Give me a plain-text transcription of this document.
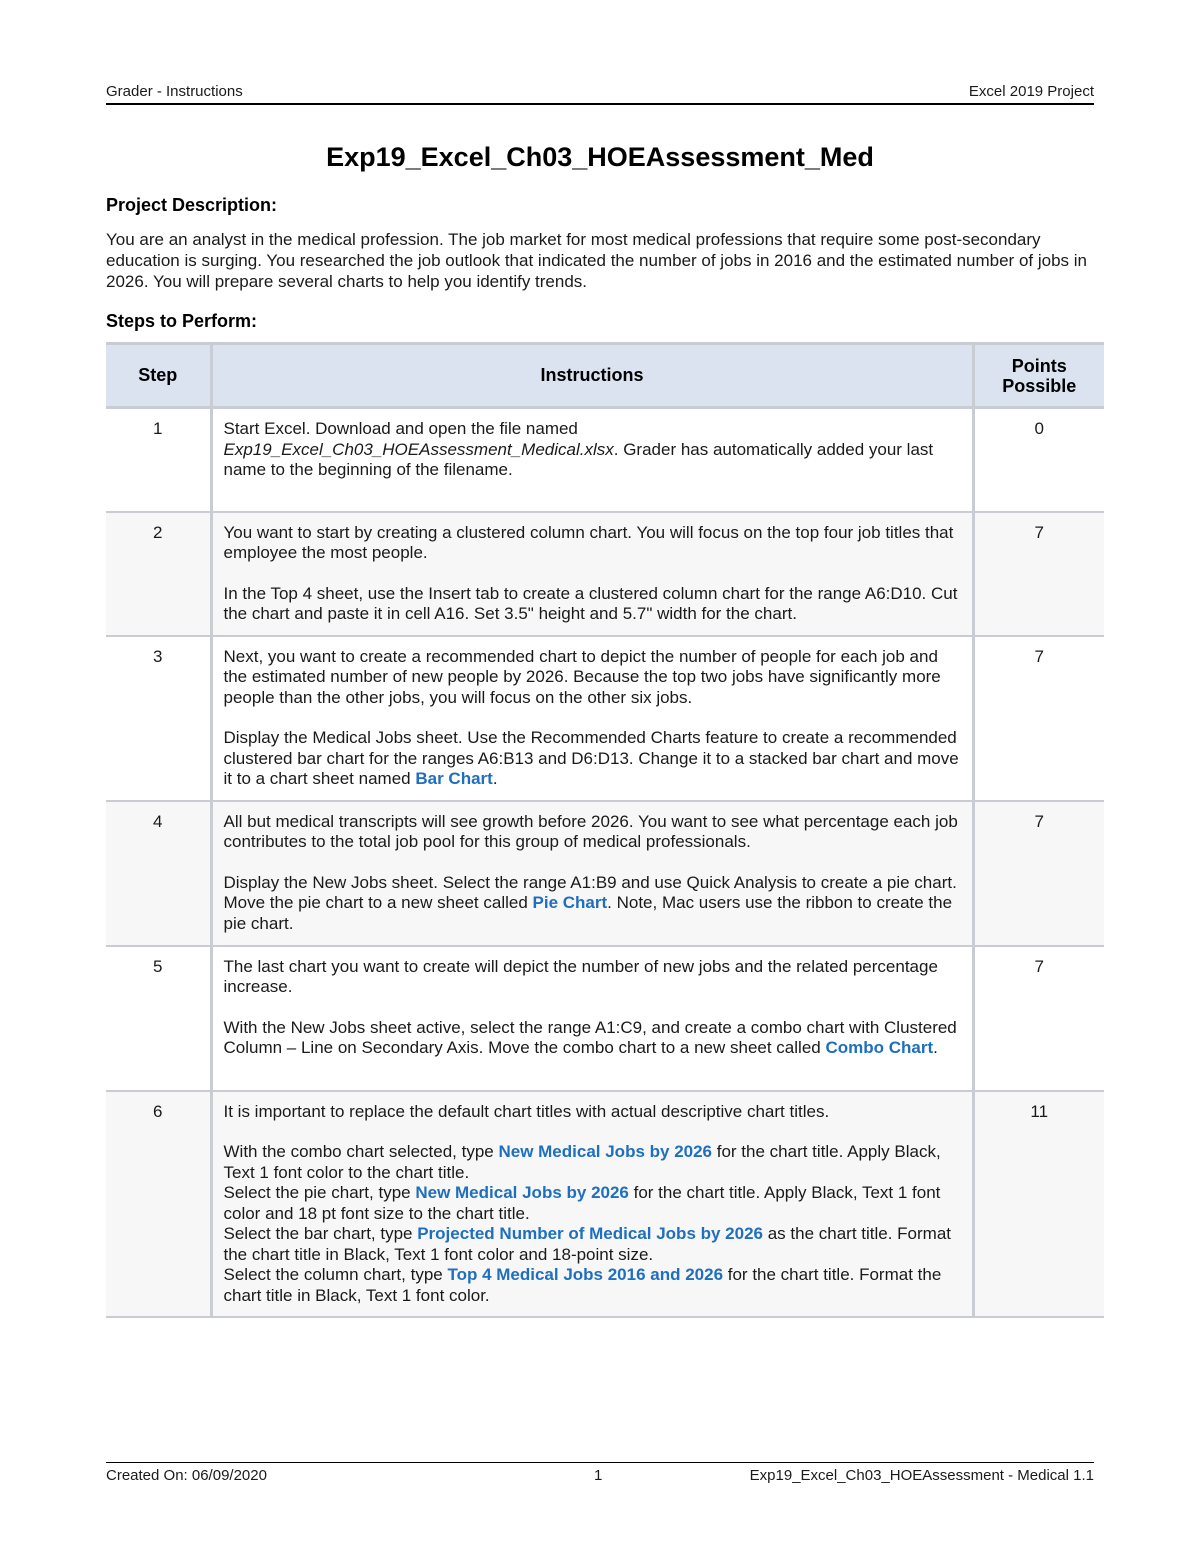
Grader - Instructions	Excel 2019 Project
Exp19_Excel_Ch03_HOEAssessment_Med
Project Description:
You are an analyst in the medical profession. The job market for most medical professions that require some post-secondary education is surging. You researched the job outlook that indicated the number of jobs in 2016 and the estimated number of jobs in 2026. You will prepare several charts to help you identify trends.
Steps to Perform:
Step	Instructions	Points Possible
1	Start Excel. Download and open the file named
Exp19_Excel_Ch03_HOEAssessment_Medical.xlsx. Grader has automatically added your last name to the beginning of the filename.	0
2	You want to start by creating a clustered column chart. You will focus on the top four job titles that employee the most people.
In the Top 4 sheet, use the Insert tab to create a clustered column chart for the range A6:D10. Cut the chart and paste it in cell A16. Set 3.5" height and 5.7" width for the chart.	7
3	Next, you want to create a recommended chart to depict the number of people for each job and the estimated number of new people by 2026. Because the top two jobs have significantly more people than the other jobs, you will focus on the other six jobs.
Display the Medical Jobs sheet. Use the Recommended Charts feature to create a recommended clustered bar chart for the ranges A6:B13 and D6:D13. Change it to a stacked bar chart and move it to a chart sheet named Bar Chart.	7
4	All but medical transcripts will see growth before 2026. You want to see what percentage each job contributes to the total job pool for this group of medical professionals.
Display the New Jobs sheet. Select the range A1:B9 and use Quick Analysis to create a pie chart. Move the pie chart to a new sheet called Pie Chart. Note, Mac users use the ribbon to create the pie chart.	7
5	The last chart you want to create will depict the number of new jobs and the related percentage increase.
With the New Jobs sheet active, select the range A1:C9, and create a combo chart with Clustered Column – Line on Secondary Axis. Move the combo chart to a new sheet called Combo Chart.	7
6	It is important to replace the default chart titles with actual descriptive chart titles.
With the combo chart selected, type New Medical Jobs by 2026 for the chart title. Apply Black, Text 1 font color to the chart title.
Select the pie chart, type New Medical Jobs by 2026 for the chart title. Apply Black, Text 1 font color and 18 pt font size to the chart title.
Select the bar chart, type Projected Number of Medical Jobs by 2026 as the chart title. Format the chart title in Black, Text 1 font color and 18-point size.
Select the column chart, type Top 4 Medical Jobs 2016 and 2026 for the chart title. Format the chart title in Black, Text 1 font color.	11
Created On: 06/09/2020	1	Exp19_Excel_Ch03_HOEAssessment - Medical 1.1
